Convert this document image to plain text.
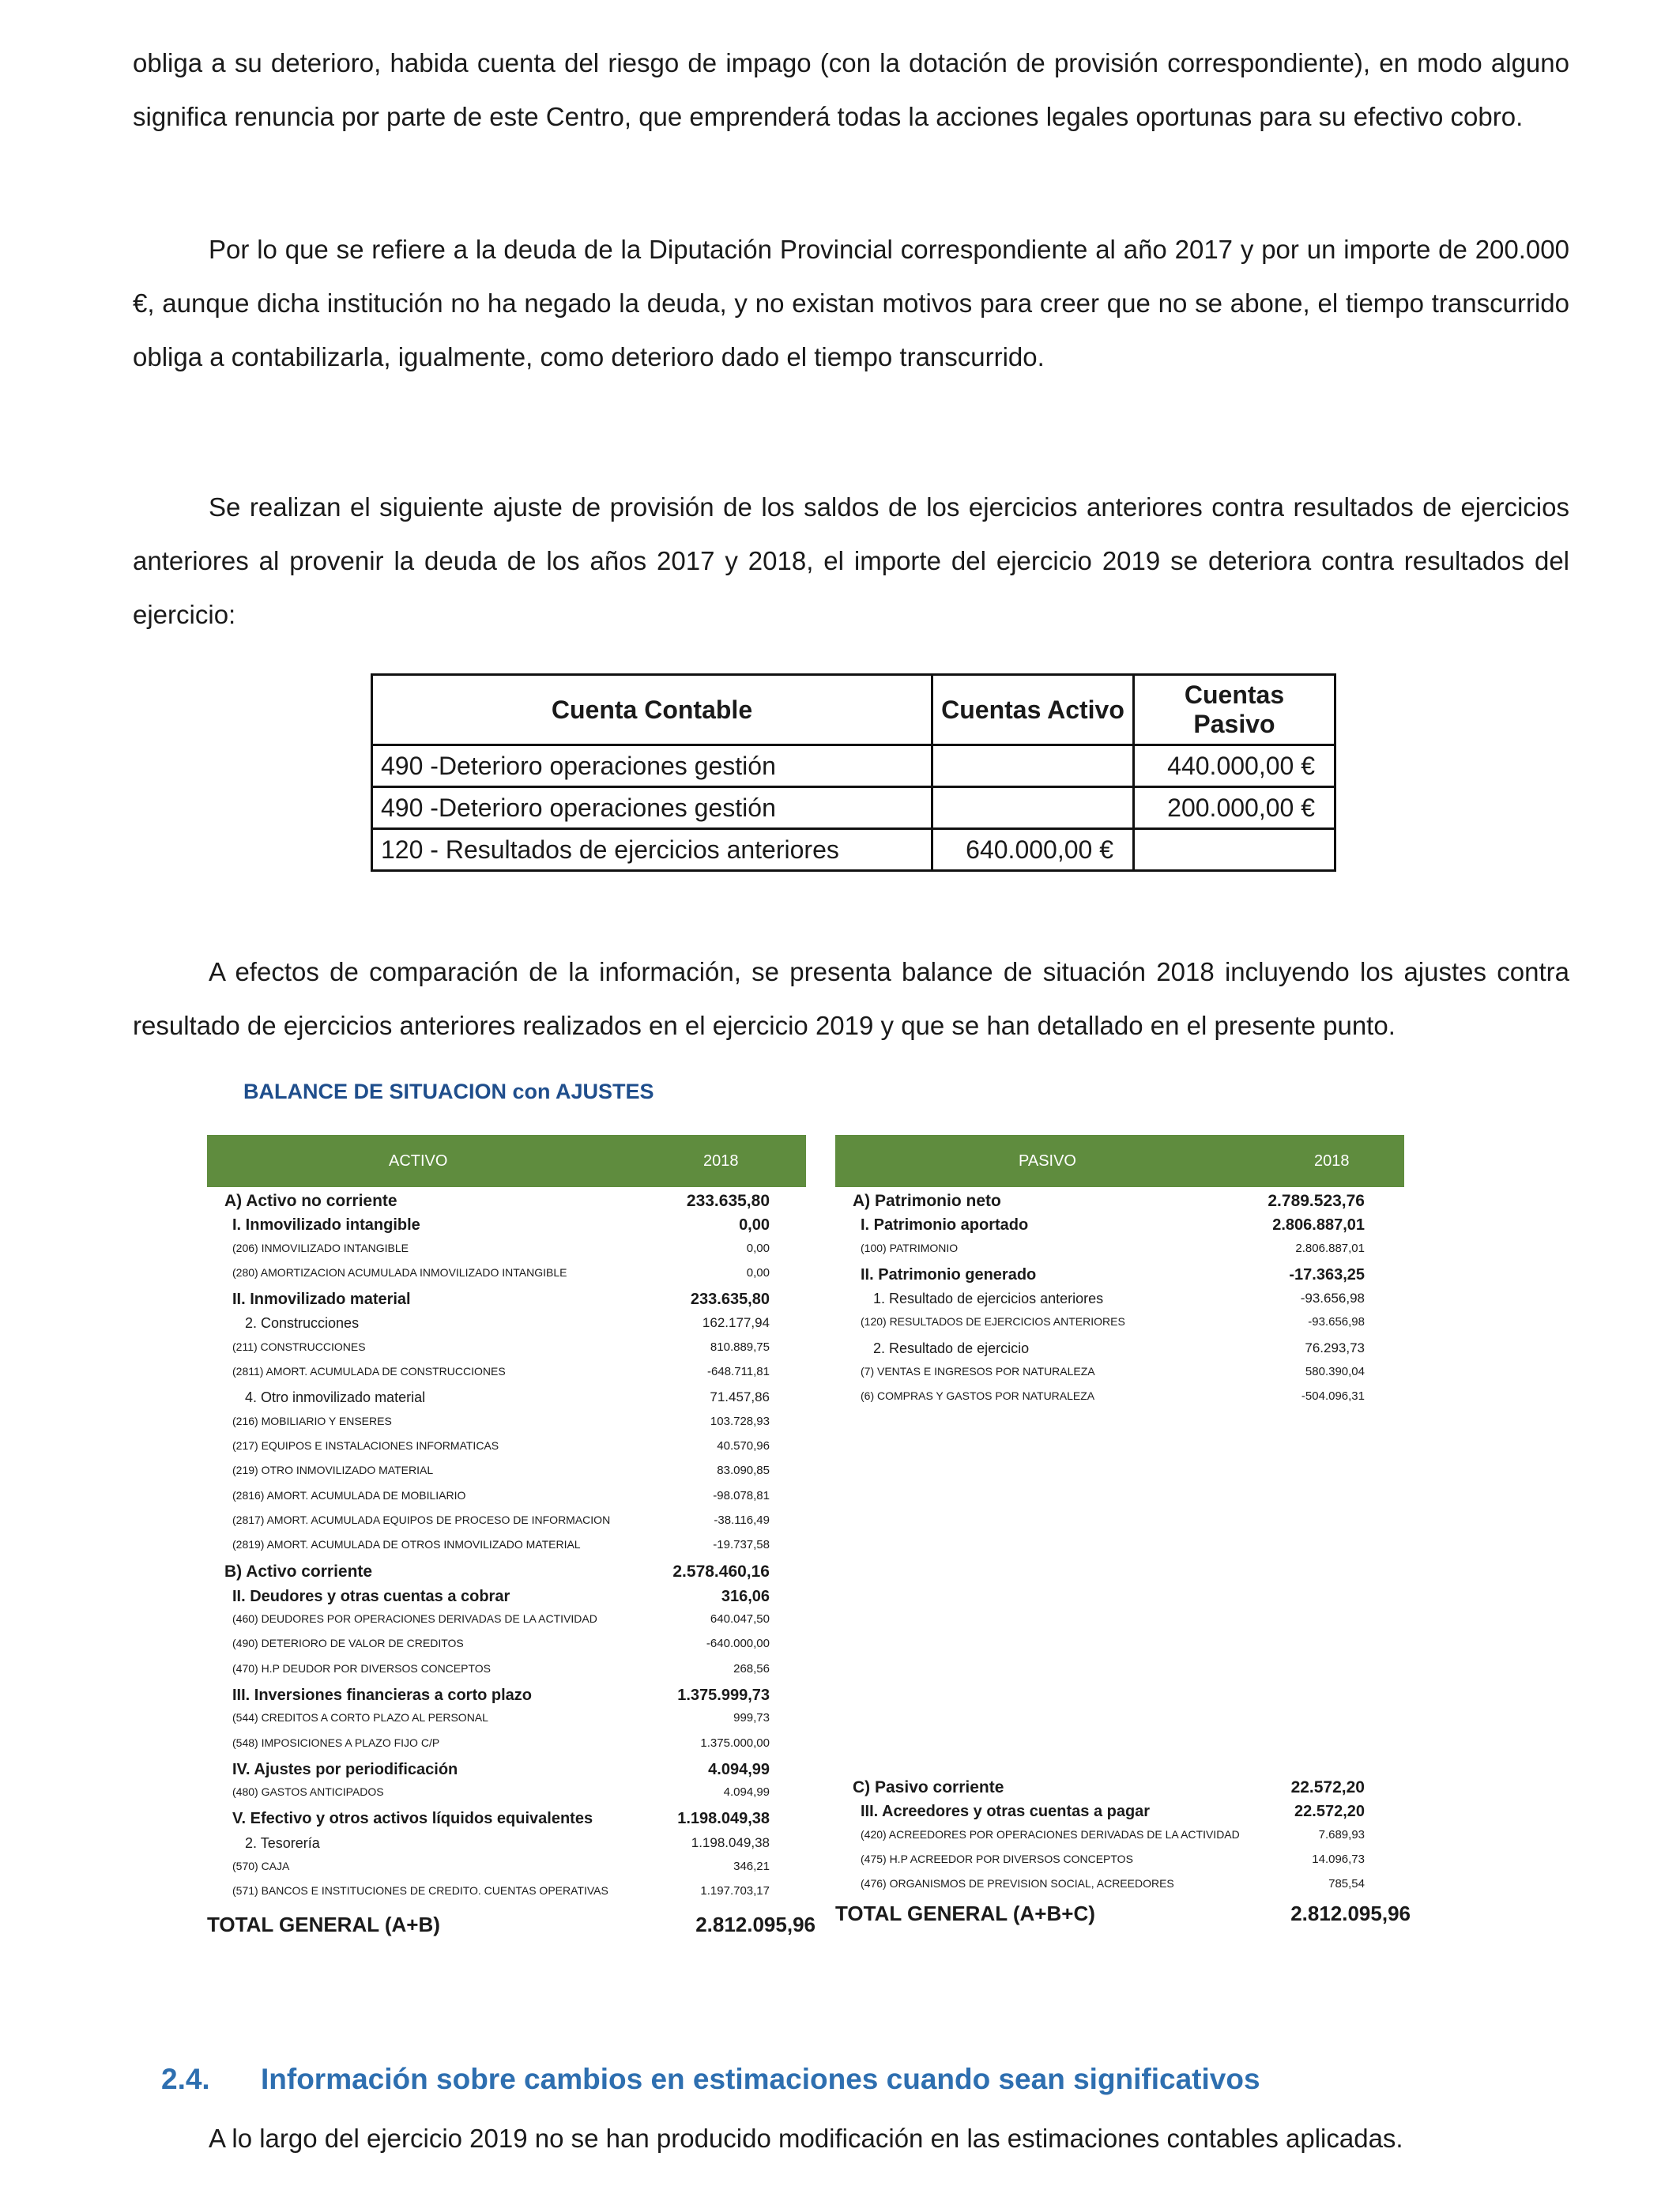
obliga a su deterioro, habida cuenta del riesgo de impago (con la dotación de provisión correspondiente), en modo alguno significa renuncia por parte de este Centro, que emprenderá todas la acciones legales oportunas para su efectivo cobro.

Por lo que se refiere a la deuda de la Diputación Provincial correspondiente al año 2017 y por un importe de 200.000 €, aunque dicha institución no ha negado la deuda, y no existan motivos para creer que no se abone, el tiempo transcurrido obliga a contabilizarla, igualmente, como deterioro dado el tiempo transcurrido.

Se realizan el siguiente ajuste de provisión de los saldos de los ejercicios anteriores contra resultados de ejercicios anteriores al provenir la deuda de los años 2017 y 2018, el importe del ejercicio 2019 se deteriora contra resultados del ejercicio:

Cuenta Contable	Cuentas Activo	Cuentas Pasivo
490 -Deterioro operaciones gestión		440.000,00 €
490 -Deterioro operaciones gestión		200.000,00 €
120 - Resultados de ejercicios anteriores	640.000,00 €	

A efectos de comparación de la información, se presenta balance de situación 2018 incluyendo los ajustes contra resultado de ejercicios anteriores realizados en el ejercicio 2019 y que se han detallado en el presente punto.

BALANCE DE SITUACION con AJUSTES
ACTIVO	2018
A) Activo no corriente	233.635,80
I. Inmovilizado intangible	0,00
(206) INMOVILIZADO INTANGIBLE	0,00
(280) AMORTIZACION ACUMULADA INMOVILIZADO INTANGIBLE	0,00
II. Inmovilizado material	233.635,80
2. Construcciones	162.177,94
(211) CONSTRUCCIONES	810.889,75
(2811) AMORT. ACUMULADA DE CONSTRUCCIONES	-648.711,81
4. Otro inmovilizado material	71.457,86
(216) MOBILIARIO Y ENSERES	103.728,93
(217) EQUIPOS E INSTALACIONES INFORMATICAS	40.570,96
(219) OTRO INMOVILIZADO MATERIAL	83.090,85
(2816) AMORT. ACUMULADA DE MOBILIARIO	-98.078,81
(2817) AMORT. ACUMULADA EQUIPOS DE PROCESO DE INFORMACION	-38.116,49
(2819) AMORT. ACUMULADA DE OTROS INMOVILIZADO MATERIAL	-19.737,58
B) Activo corriente	2.578.460,16
II. Deudores y otras cuentas a cobrar	316,06
(460) DEUDORES POR OPERACIONES DERIVADAS DE LA ACTIVIDAD	640.047,50
(490) DETERIORO DE VALOR DE CREDITOS	-640.000,00
(470) H.P DEUDOR POR DIVERSOS CONCEPTOS	268,56
III. Inversiones financieras a corto plazo	1.375.999,73
(544) CREDITOS A CORTO PLAZO AL PERSONAL	999,73
(548) IMPOSICIONES A PLAZO FIJO C/P	1.375.000,00
IV. Ajustes por periodificación	4.094,99
(480) GASTOS ANTICIPADOS	4.094,99
V. Efectivo y otros activos líquidos equivalentes	1.198.049,38
2. Tesorería	1.198.049,38
(570) CAJA	346,21
(571) BANCOS E INSTITUCIONES DE CREDITO. CUENTAS OPERATIVAS	1.197.703,17
TOTAL GENERAL (A+B)	2.812.095,96
PASIVO	2018
A) Patrimonio neto	2.789.523,76
I. Patrimonio aportado	2.806.887,01
(100) PATRIMONIO	2.806.887,01
II. Patrimonio generado	-17.363,25
1. Resultado de ejercicios anteriores	-93.656,98
(120) RESULTADOS DE EJERCICIOS ANTERIORES	-93.656,98
2. Resultado de ejercicio	76.293,73
(7) VENTAS E INGRESOS POR NATURALEZA	580.390,04
(6) COMPRAS Y GASTOS POR NATURALEZA	-504.096,31
C) Pasivo corriente	22.572,20
III. Acreedores y otras cuentas a pagar	22.572,20
(420) ACREEDORES POR OPERACIONES DERIVADAS DE LA ACTIVIDAD	7.689,93
(475) H.P ACREEDOR POR DIVERSOS CONCEPTOS	14.096,73
(476) ORGANISMOS DE PREVISION SOCIAL, ACREEDORES	785,54
TOTAL GENERAL (A+B+C)	2.812.095,96
2.4. Información sobre cambios en estimaciones cuando sean significativos

A lo largo del ejercicio 2019 no se han producido modificación en las estimaciones contables aplicadas.
